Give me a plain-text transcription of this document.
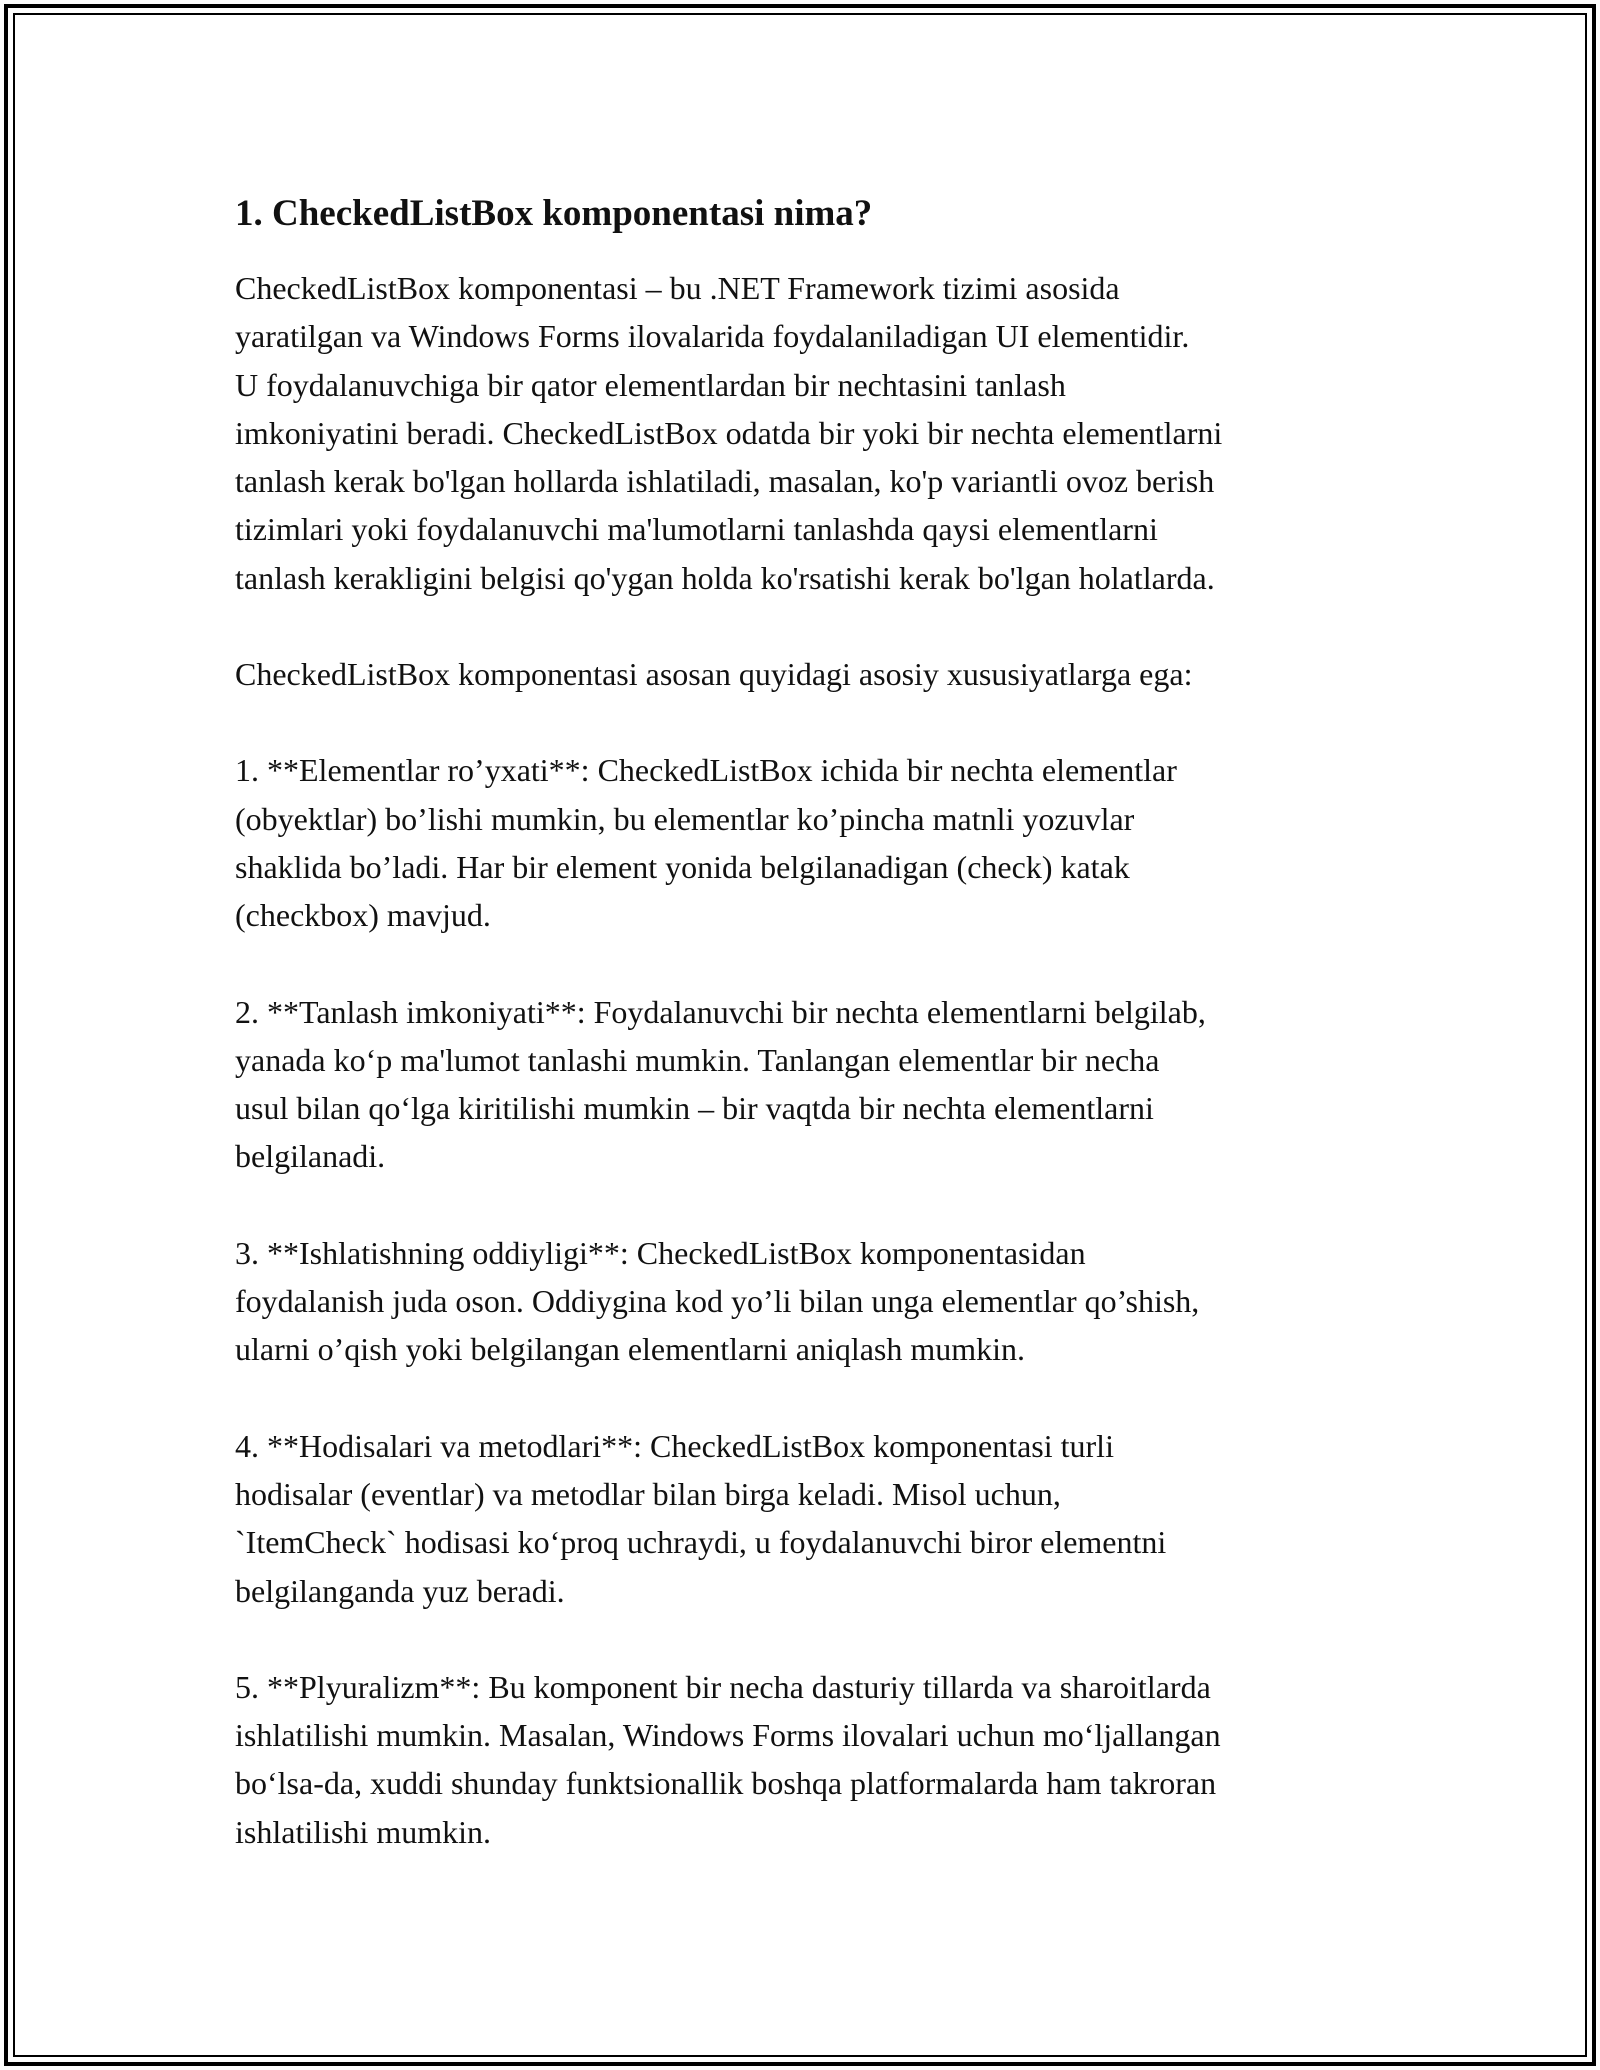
1. CheckedListBox komponentasi nima?
CheckedListBox komponentasi – bu .NET Framework tizimi asosida
yaratilgan va Windows Forms ilovalarida foydalaniladigan UI elementidir.
U foydalanuvchiga bir qator elementlardan bir nechtasini tanlash
imkoniyatini beradi. CheckedListBox odatda bir yoki bir nechta elementlarni
tanlash kerak bo'lgan hollarda ishlatiladi, masalan, ko'p variantli ovoz berish
tizimlari yoki foydalanuvchi ma'lumotlarni tanlashda qaysi elementlarni
tanlash kerakligini belgisi qo'ygan holda ko'rsatishi kerak bo'lgan holatlarda.
CheckedListBox komponentasi asosan quyidagi asosiy xususiyatlarga ega:
1. **Elementlar ro’yxati**: CheckedListBox ichida bir nechta elementlar
(obyektlar) bo’lishi mumkin, bu elementlar ko’pincha matnli yozuvlar
shaklida bo’ladi. Har bir element yonida belgilanadigan (check) katak
(checkbox) mavjud.
2. **Tanlash imkoniyati**: Foydalanuvchi bir nechta elementlarni belgilab,
yanada ko‘p ma'lumot tanlashi mumkin. Tanlangan elementlar bir necha
usul bilan qo‘lga kiritilishi mumkin – bir vaqtda bir nechta elementlarni
belgilanadi.
3. **Ishlatishning oddiyligi**: CheckedListBox komponentasidan
foydalanish juda oson. Oddiygina kod yo’li bilan unga elementlar qo’shish,
ularni o’qish yoki belgilangan elementlarni aniqlash mumkin.
4. **Hodisalari va metodlari**: CheckedListBox komponentasi turli
hodisalar (eventlar) va metodlar bilan birga keladi. Misol uchun,
`ItemCheck` hodisasi ko‘proq uchraydi, u foydalanuvchi biror elementni
belgilanganda yuz beradi.
5. **Plyuralizm**: Bu komponent bir necha dasturiy tillarda va sharoitlarda
ishlatilishi mumkin. Masalan, Windows Forms ilovalari uchun mo‘ljallangan
bo‘lsa-da, xuddi shunday funktsionallik boshqa platformalarda ham takroran
ishlatilishi mumkin.
